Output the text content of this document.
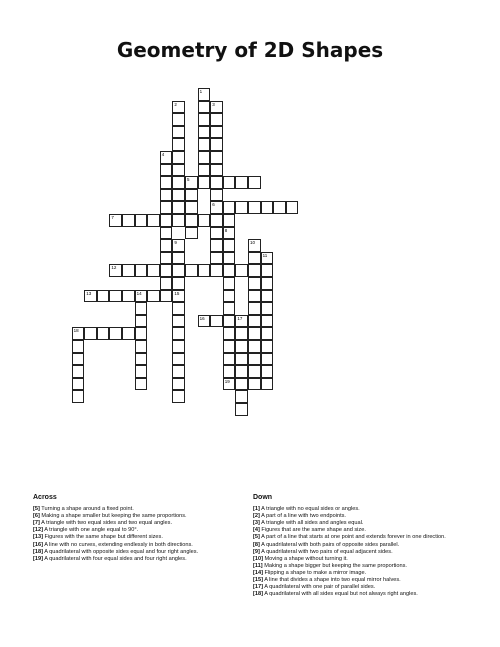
Geometry of 2D Shapes
1
2	3
6
4
5
7
8
19
9	10
11
12
13	14	15
16	17
18
Across
[5] Turning a shape around a fixed point.
[6] Making a shape smaller but keeping the same proportions.
[7] A triangle with two equal sides and two equal angles.
[12] A triangle with one angle equal to 90°.
[13] Figures with the same shape but different sizes.
[16] A line with no curves, extending endlessly in both directions.
[18] A quadrilateral with opposite sides equal and four right angles.
[19] A quadrilateral with four equal sides and four right angles.
Down
[1] A triangle with no equal sides or angles.
[2] A part of a line with two endpoints.
[3] A triangle with all sides and angles equal.
[4] Figures that are the same shape and size.
[5] A part of a line that starts at one point and extends forever in one direction.
[8] A quadrilateral with both pairs of opposite sides parallel.
[9] A quadrilateral with two pairs of equal adjacent sides.
[10] Moving a shape without turning it.
[11] Making a shape bigger but keeping the same proportions.
[14] Flipping a shape to make a mirror image.
[15] A line that divides a shape into two equal mirror halves.
[17] A quadrilateral with one pair of parallel sides.
[18] A quadrilateral with all sides equal but not always right angles.
